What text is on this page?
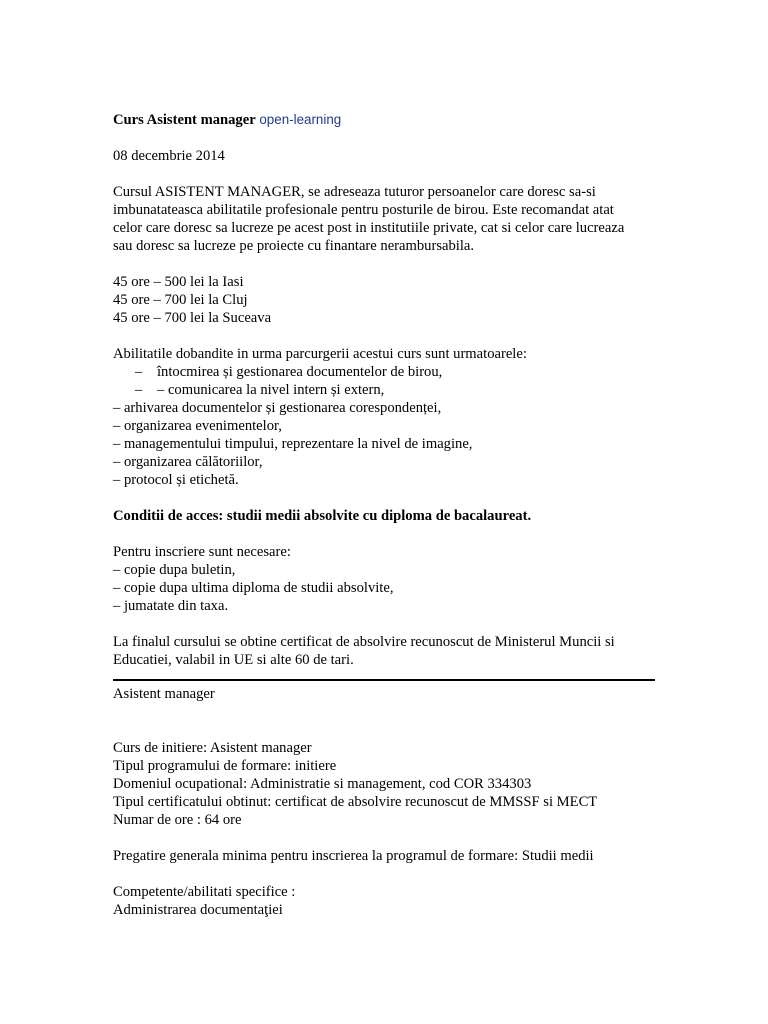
Curs Asistent manager open-learning

08 decembrie 2014

Cursul ASISTENT MANAGER, se adreseaza tuturor persoanelor care doresc sa-si
imbunatateasca abilitatile profesionale pentru posturile de birou. Este recomandat atat
celor care doresc sa lucreze pe acest post in institutiile private, cat si celor care lucreaza
sau doresc sa lucreze pe proiecte cu finantare nerambursabila.

45 ore – 500 lei la Iasi
45 ore – 700 lei la Cluj
45 ore – 700 lei la Suceava

Abilitatile dobandite in urma parcurgerii acestui curs sunt urmatoarele:
– întocmirea și gestionarea documentelor de birou,
– – comunicarea la nivel intern și extern,
– arhivarea documentelor și gestionarea corespondenței,
– organizarea evenimentelor,
– managementului timpului, reprezentare la nivel de imagine,
– organizarea călătoriilor,
– protocol și etichetă.

Conditii de acces: studii medii absolvite cu diploma de bacalaureat.

Pentru inscriere sunt necesare:
– copie dupa buletin,
– copie dupa ultima diploma de studii absolvite,
– jumatate din taxa.

La finalul cursului se obtine certificat de absolvire recunoscut de Ministerul Muncii si
Educatiei, valabil in UE si alte 60 de tari.

Asistent manager

Curs de initiere: Asistent manager
Tipul programului de formare: initiere
Domeniul ocupational: Administratie si management, cod COR 334303
Tipul certificatului obtinut: certificat de absolvire recunoscut de MMSSF si MECT
Numar de ore : 64 ore

Pregatire generala minima pentru inscrierea la programul de formare: Studii medii

Competente/abilitati specifice :
Administrarea documentaţiei
